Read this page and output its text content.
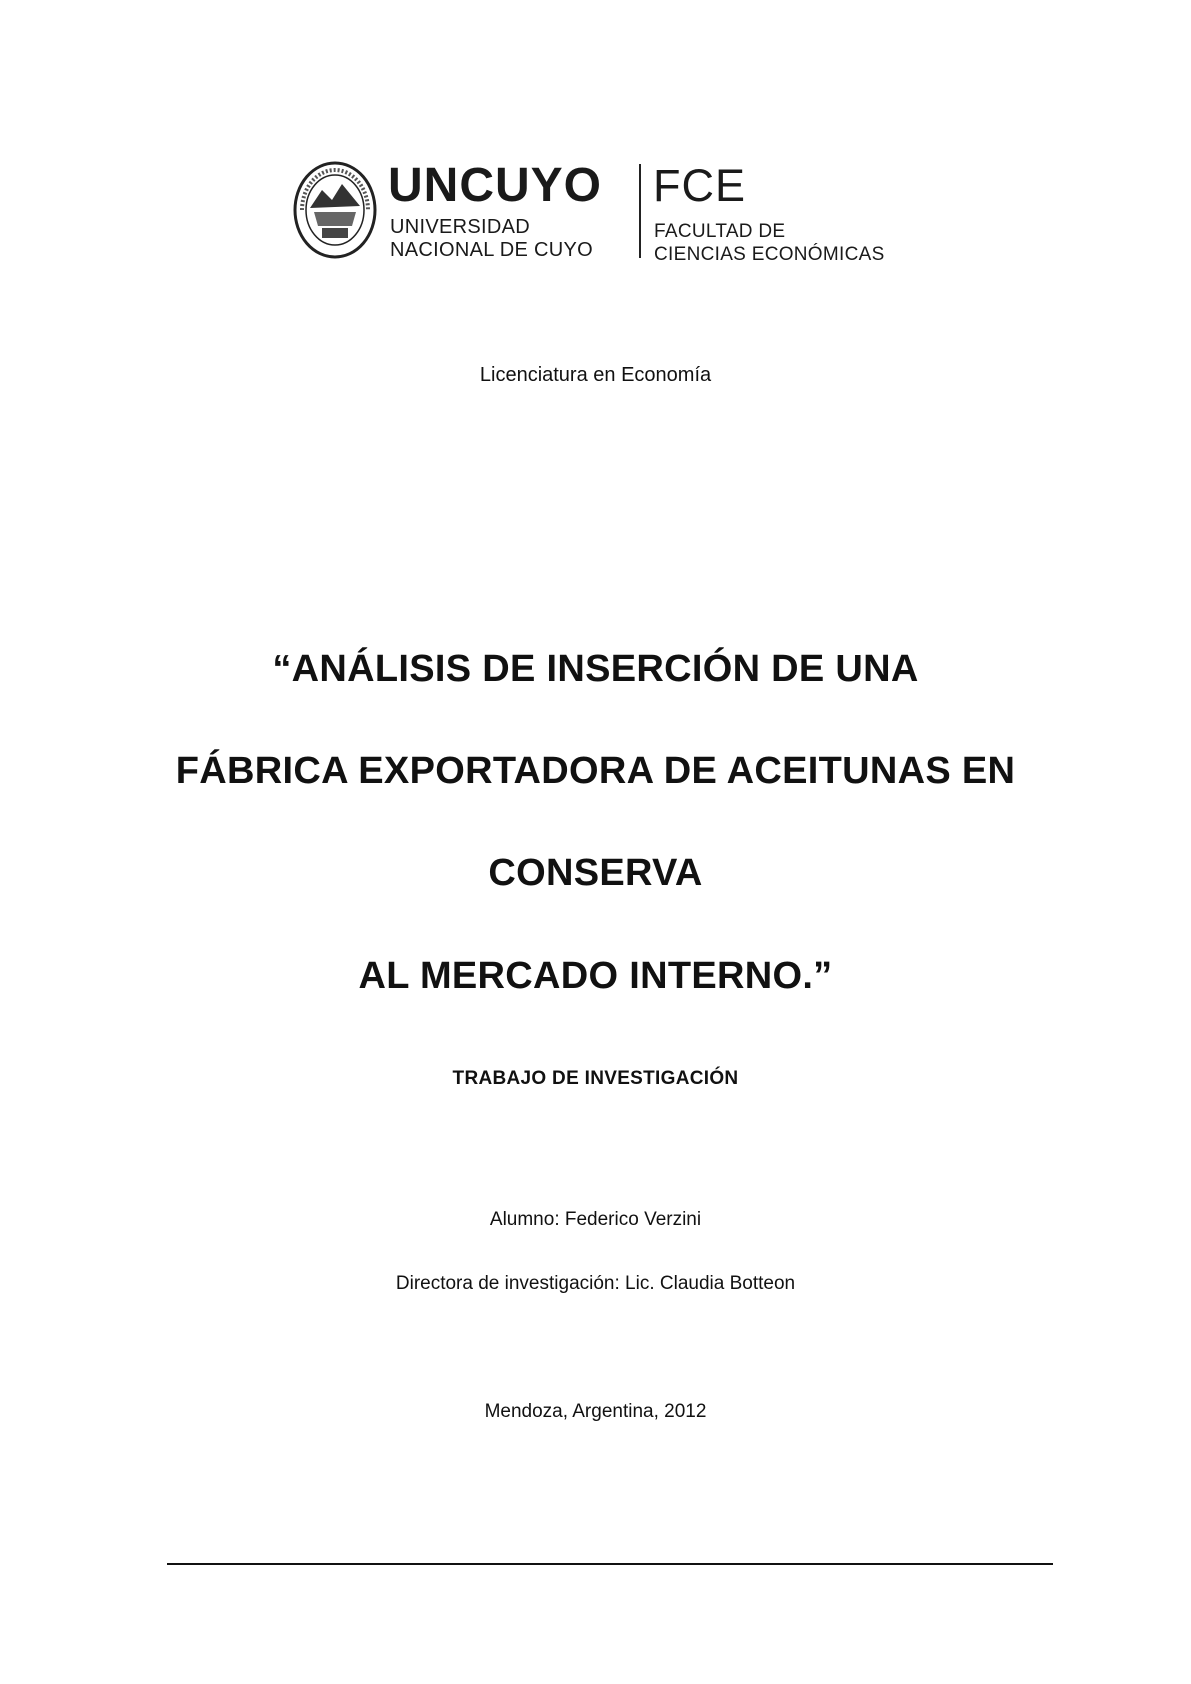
UNCUYO
UNIVERSIDAD
NACIONAL DE CUYO
FCE
FACULTAD DE
CIENCIAS ECONÓMICAS
Licenciatura en Economía
“ANÁLISIS DE INSERCIÓN DE UNA
FÁBRICA EXPORTADORA DE ACEITUNAS EN
CONSERVA
AL MERCADO INTERNO.”
TRABAJO DE INVESTIGACIÓN
Alumno: Federico Verzini
Directora de investigación: Lic. Claudia Botteon
Mendoza, Argentina, 2012
